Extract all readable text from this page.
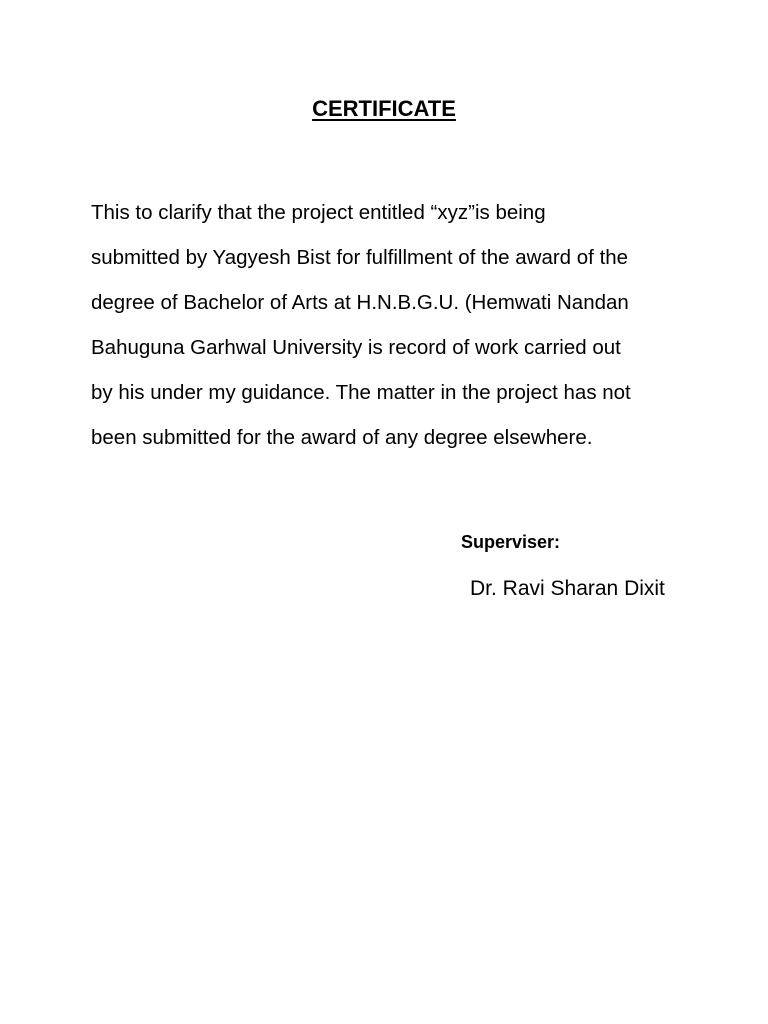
CERTIFICATE

This to clarify that the project entitled “xyz”is being
submitted by Yagyesh Bist for fulfillment of the award of the
degree of Bachelor of Arts at H.N.B.G.U. (Hemwati Nandan
Bahuguna Garhwal University is record of work carried out
by his under my guidance. The matter in the project has not
been submitted for the award of any degree elsewhere.

Superviser:
Dr. Ravi Sharan Dixit
